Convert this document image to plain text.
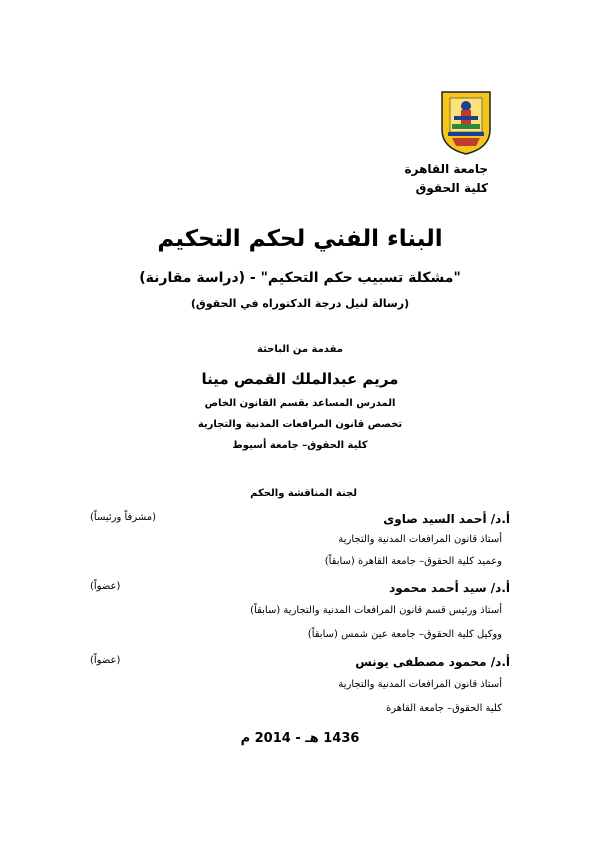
جامعة القاهرة
كلية الحقوق
البناء الفني لحكم التحكيم
"مشكلة تسبيب حكم التحكيم" - (دراسة مقارنة)
(رسالة لنيل درجة الدكتوراه في الحقوق)
مقدمة من الباحثة
مريم عبدالملك القمص مينا
المدرس المساعد بقسم القانون الخاص
تخصص قانون المرافعات المدنية والتجارية
كلية الحقوق– جامعة أسيوط
لجنة المناقشة والحكم
أ.د/ أحمد السيد صاوى
(مشرفاً ورئيساً)
أستاذ قانون المرافعات المدنية والتجارية
وعميد كلية الحقوق– جامعة القاهرة (سابقاً)
أ.د/ سيد أحمد محمود
(عضواً)
أستاذ ورئيس قسم قانون المرافعات المدنية والتجارية (سابقاً)
ووكيل كلية الحقوق– جامعة عين شمس (سابقاً)
أ.د/ محمود مصطفى يونس
(عضواً)
أستاذ قانون المرافعات المدنية والتجارية
كلية الحقوق– جامعة القاهرة
1436 هـ - 2014 م
